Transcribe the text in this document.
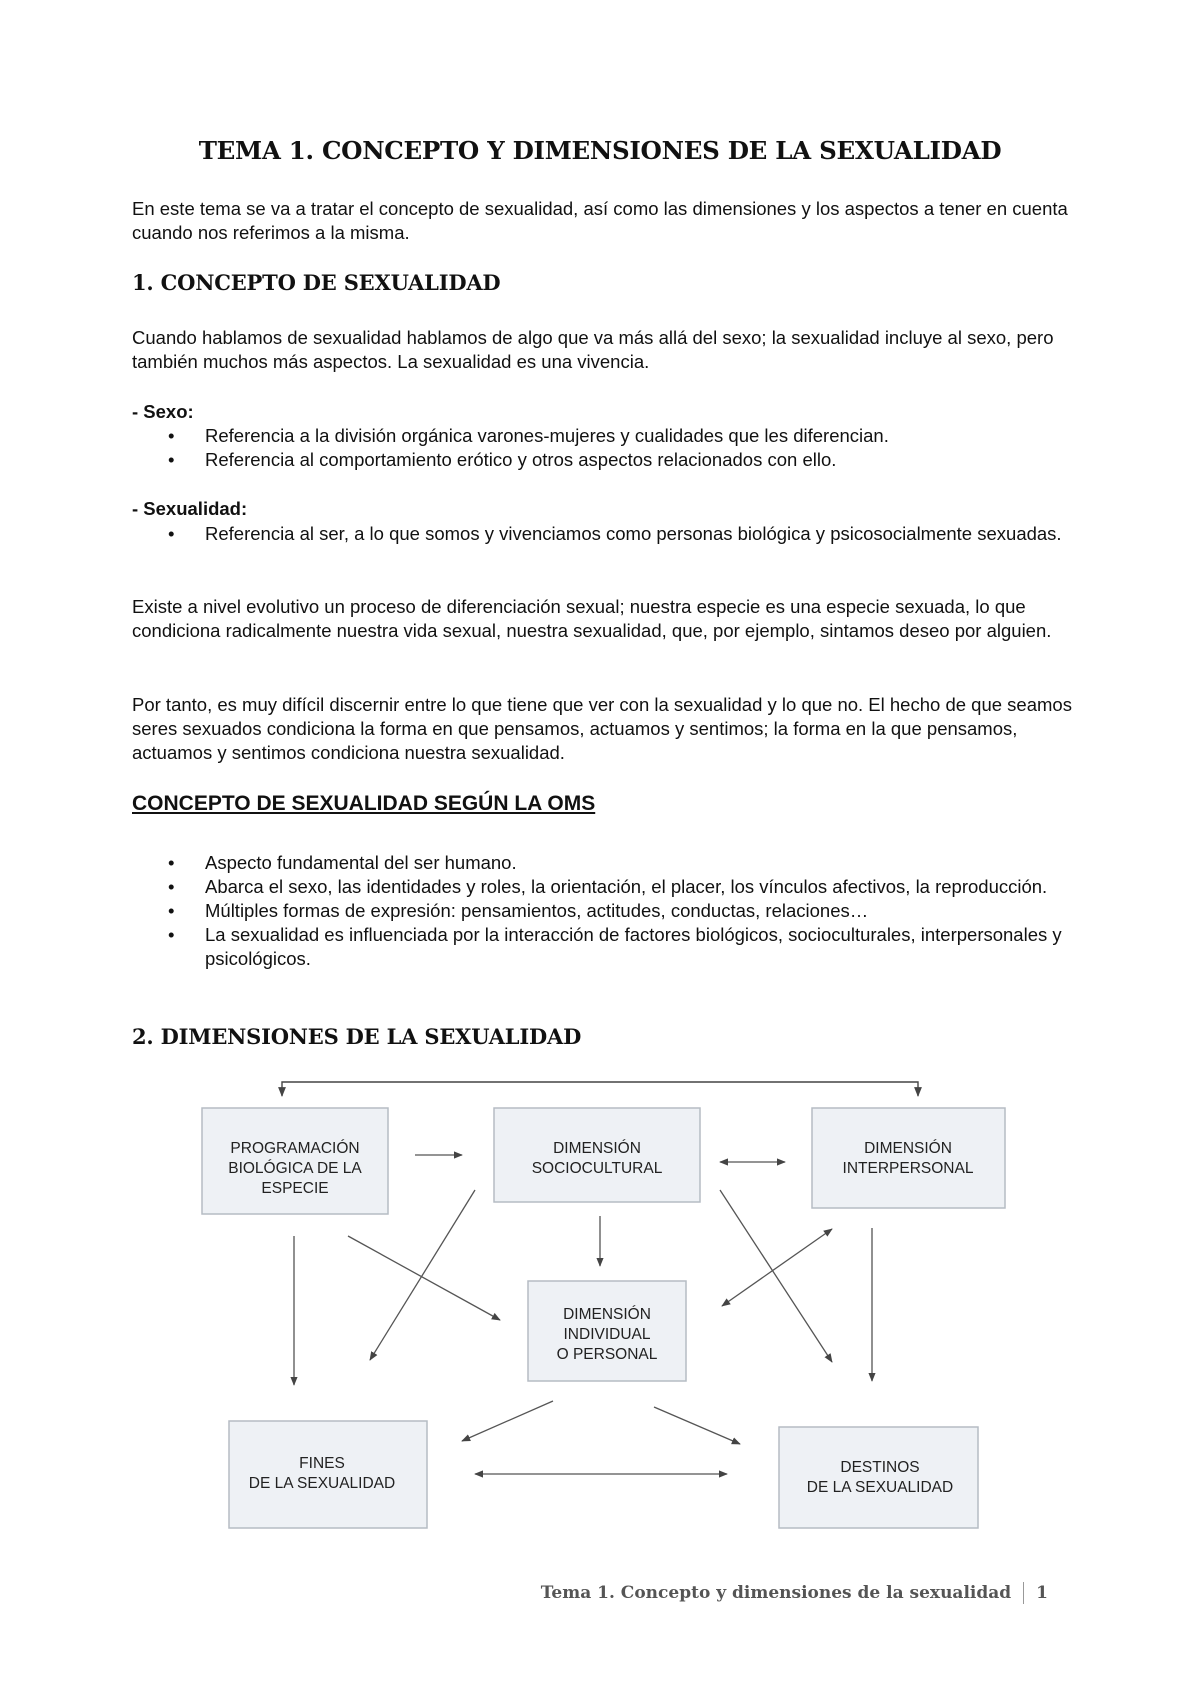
TEMA 1. CONCEPTO Y DIMENSIONES DE LA SEXUALIDAD

En este tema se va a tratar el concepto de sexualidad, así como las dimensiones y los aspectos a tener en cuenta cuando nos referimos a la misma.

1. CONCEPTO DE SEXUALIDAD

Cuando hablamos de sexualidad hablamos de algo que va más allá del sexo; la sexualidad incluye al sexo, pero también muchos más aspectos. La sexualidad es una vivencia.

- Sexo:

• Referencia a la división orgánica varones-mujeres y cualidades que les diferencian.
• Referencia al comportamiento erótico y otros aspectos relacionados con ello.

- Sexualidad:

• Referencia al ser, a lo que somos y vivenciamos como personas biológica y psicosocialmente sexuadas.

Existe a nivel evolutivo un proceso de diferenciación sexual; nuestra especie es una especie sexuada, lo que condiciona radicalmente nuestra vida sexual, nuestra sexualidad, que, por ejemplo, sintamos deseo por alguien.

Por tanto, es muy difícil discernir entre lo que tiene que ver con la sexualidad y lo que no. El hecho de que seamos seres sexuados condiciona la forma en que pensamos, actuamos y sentimos; la forma en la que pensamos, actuamos y sentimos condiciona nuestra sexualidad.

CONCEPTO DE SEXUALIDAD SEGÚN LA OMS
• Aspecto fundamental del ser humano.
• Abarca el sexo, las identidades y roles, la orientación, el placer, los vínculos afectivos, la reproducción.
• Múltiples formas de expresión: pensamientos, actitudes, conductas, relaciones…
• La sexualidad es influenciada por la interacción de factores biológicos, socioculturales, interpersonales y psicológicos.
2. DIMENSIONES DE LA SEXUALIDAD
PROGRAMACIÓN
BIOLÓGICA DE LA
ESPECIE
DIMENSIÓN
SOCIOCULTURAL
DIMENSIÓN
INTERPERSONAL
DIMENSIÓN
INDIVIDUAL
O PERSONAL
FINES
DE LA SEXUALIDAD
DESTINOS
DE LA SEXUALIDAD
Tema 1. Concepto y dimensiones de la sexualidad 1
